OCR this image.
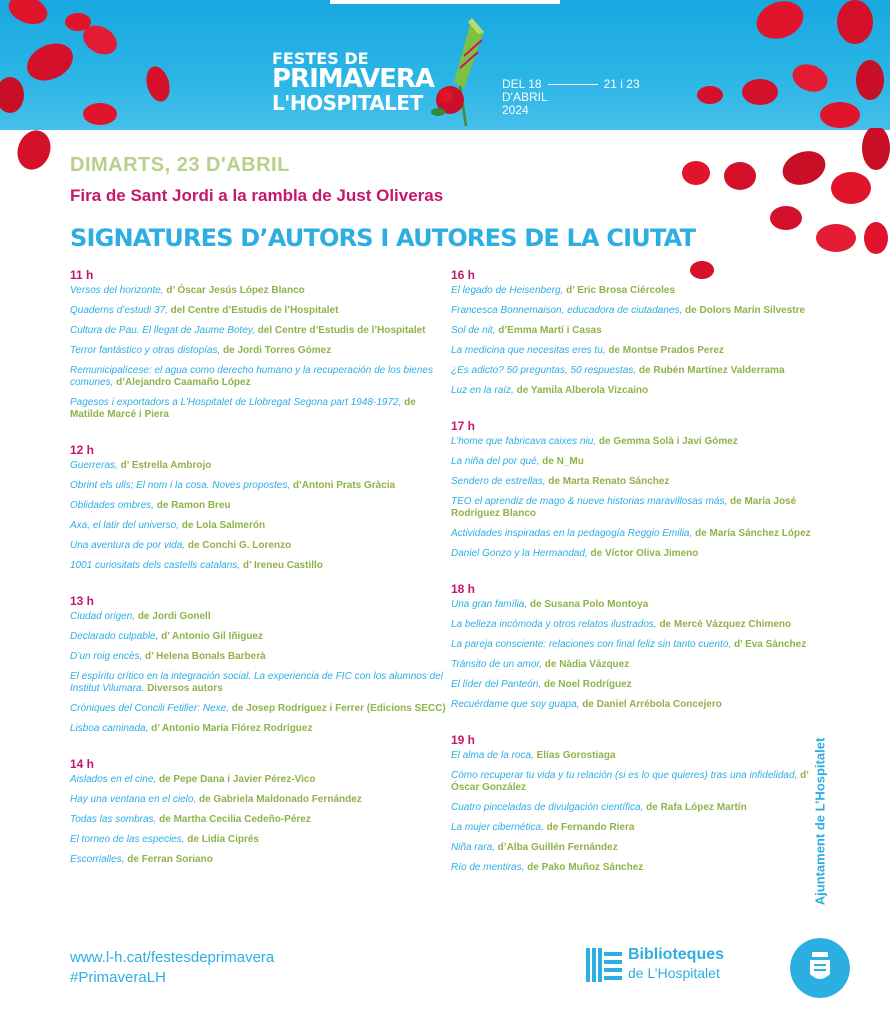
FESTES DE
PRIMAVERA
L'HOSPITALET
DEL 18	21 i 23
D'ABRIL
2024
DIMARTS, 23 D'ABRIL
Fira de Sant Jordi a la rambla de Just Oliveras
SIGNATURES D’AUTORS I AUTORES DE LA CIUTAT
11 h
Versos del horizonte, d’ Óscar Jesús López Blanco
Quaderns d’estudi 37, del Centre d’Estudis de l’Hospitalet
Cultura de Pau. El llegat de Jaume Botey, del Centre d’Estudis de l’Hospitalet
Terror fantástico y otras distopías, de Jordi Torres Gómez
Remunicipalícese: el agua como derecho humano y la recuperación de los bienes comunes, d’Alejandro Caamaño López
Pagesos i exportadors a L’Hospitalet de Llobregat Segona part 1948-1972, de Matilde Marcé i Piera
12 h
Guerreras, d’ Estrella Ambrojo
Obrint els ulls; El nom i la cosa. Noves propostes, d’Antoni Prats Gràcia
Oblidades ombres, de Ramon Breu
Axa, el latir del universo, de Lola Salmerón
Una aventura de por vida, de Conchi G. Lorenzo
1001 curiositats dels castells catalans, d’ Ireneu Castillo
13 h
Ciudad origen, de Jordi Gonell
Declarado culpable, d’ Antonio Gil Iñiguez
D’un roig encès, d’ Helena Bonals Barberà
El espíritu crítico en la integración social. La experiencia de FIC con los alumnos del Institut Vilumara. Diversos autors
Cròniques del Concili Fetiller: Nexe, de Josep Rodríguez i Ferrer (Edicions SECC)
Lisboa caminada, d’ Antonio María Flórez Rodríguez
14 h
Aislados en el cine, de Pepe Dana i Javier Pérez-Vico
Hay una ventana en el cielo, de Gabriela Maldonado Fernández
Todas las sombras, de Martha Cecilia Cedeño-Pérez
El torneo de las especies, de Lidia Ciprés
Escorrialles, de Ferran Soriano
16 h
El legado de Heisenberg, d’ Eric Brosa Ciércoles
Francesca Bonnemaison, educadora de ciutadanes, de Dolors Marín Silvestre
Sol de nit, d’Emma Martí i Casas
La medicina que necesitas eres tu, de Montse Prados Perez
¿Es adicto? 50 preguntas, 50 respuestas, de Rubén Martínez Valderrama
Luz en la raíz, de Yamila Alberola Vizcaíno
17 h
L’home que fabricava caixes niu, de Gemma Solà i Javi Gómez
La niña del por qué, de N_Mu
Sendero de estrellas, de Marta Renato Sánchez
TEO el aprendiz de mago & nueve historias maravillosas más, de María José Rodríguez Blanco
Actividades inspiradas en la pedagogía Reggio Emilia, de María Sánchez López
Daniel Gonzo y la Hermandad, de Víctor Oliva Jimeno
18 h
Una gran família, de Susana Polo Montoya
La belleza incómoda y otros relatos ilustrados, de Mercè Vázquez Chimeno
La pareja consciente: relaciones con final feliz sin tanto cuento, d’ Eva Sánchez
Trànsito de un amor, de Nàdia Vázquez
El líder del Panteón, de Noel Rodríguez
Recuérdame que soy guapa, de Daniel Arrébola Concejero
19 h
El alma de la roca, Elías Gorostiaga
Cómo recuperar tu vida y tu relación (si es lo que quieres) tras una infidelidad, d’ Óscar González
Cuatro pinceladas de divulgación científica, de Rafa López Martín
La mujer cibernética, de Fernando Riera
Niña rara, d’Alba Guillén Fernández
Río de mentiras, de Pako Muñoz Sánchez
www.l-h.cat/festesdeprimavera
#PrimaveraLH
Biblioteques
de L’Hospitalet
Ajuntament de L’Hospitalet
